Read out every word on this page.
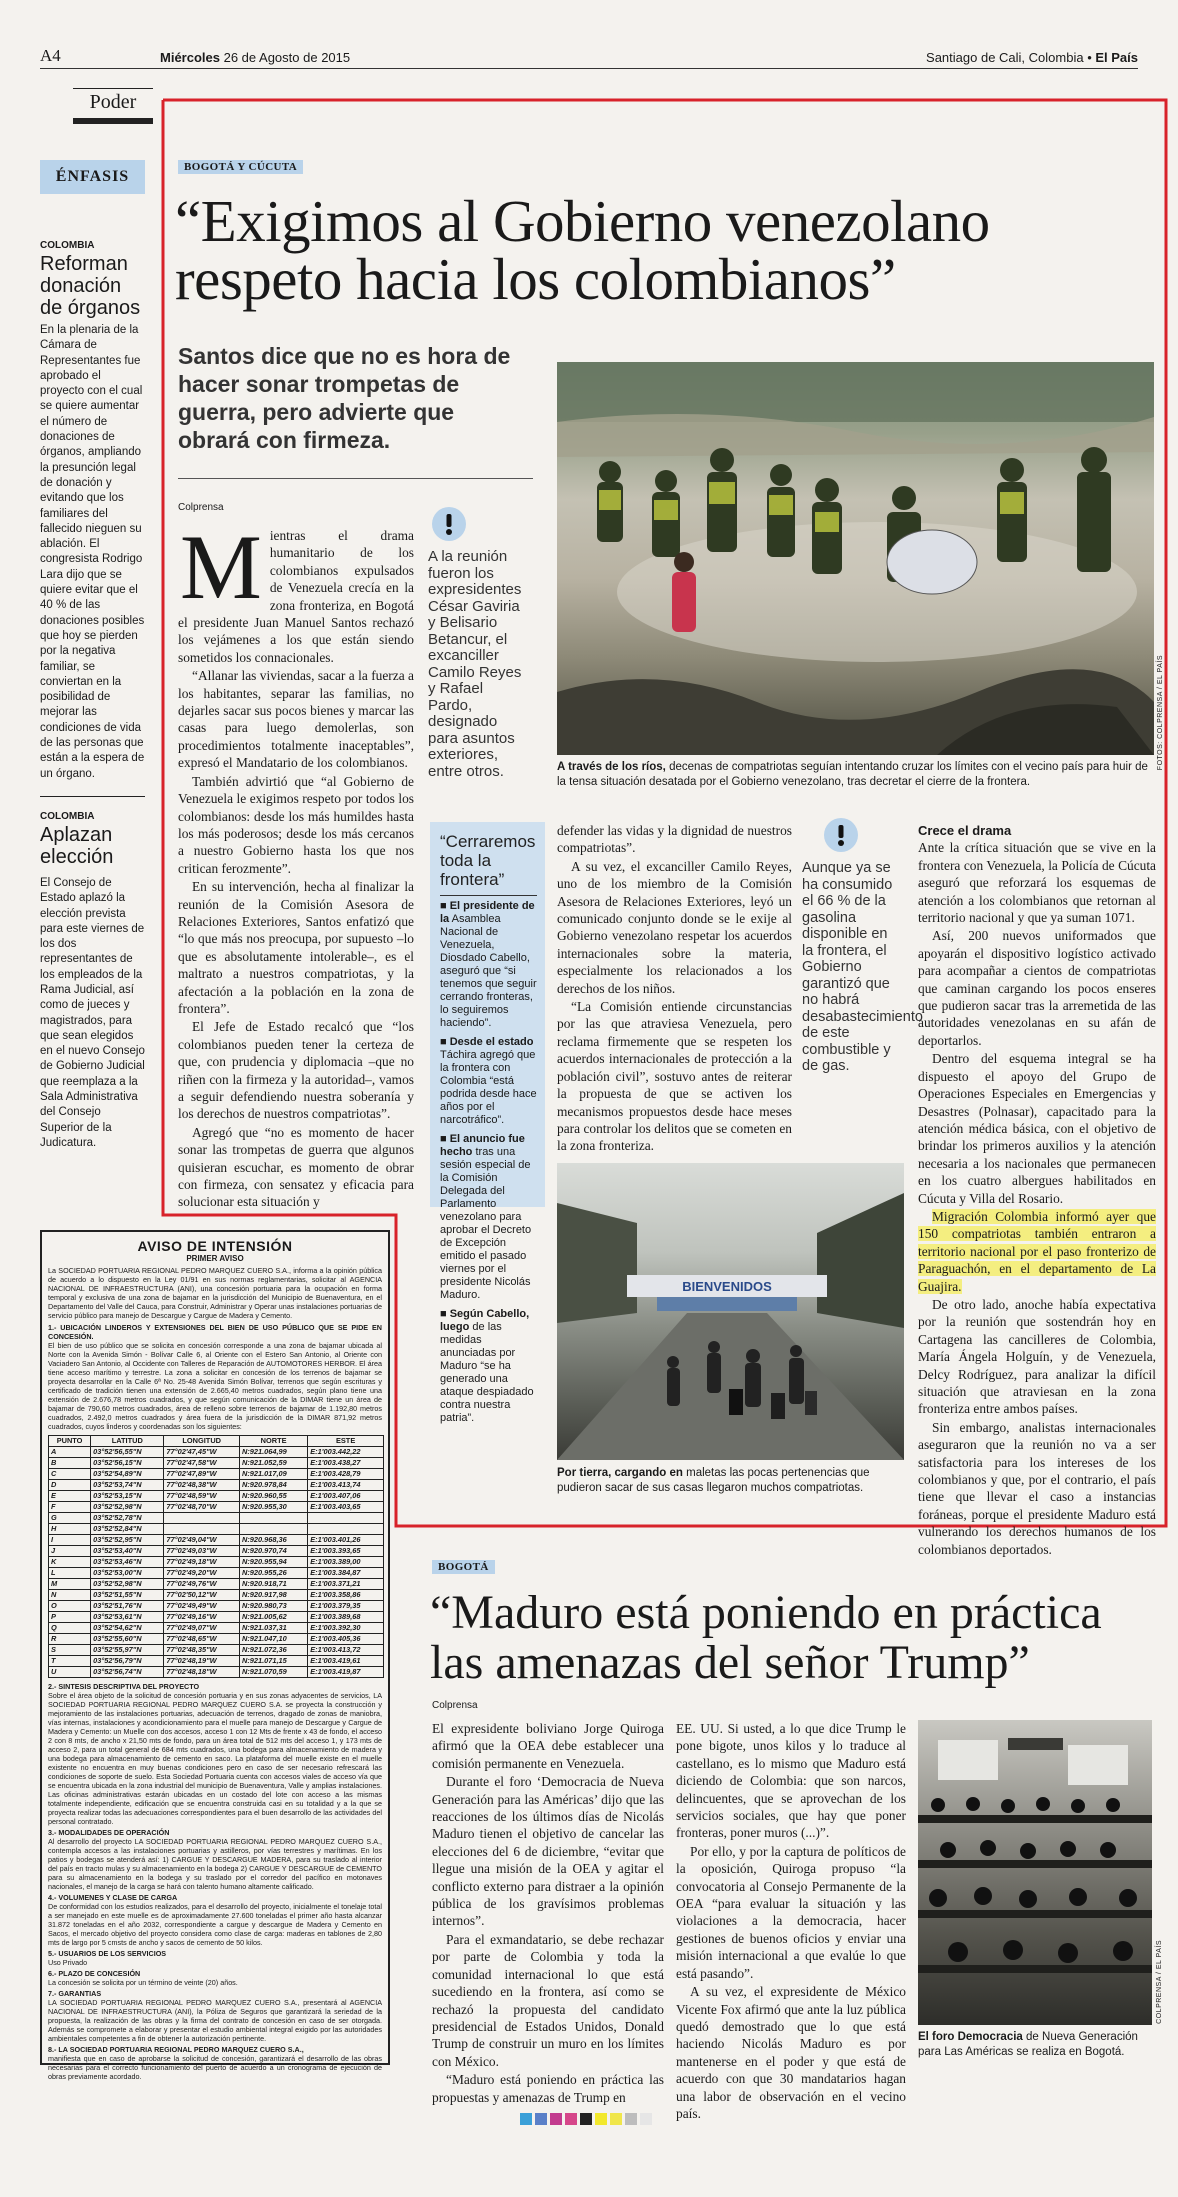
A4	Miércoles 26 de Agosto de 2015	Santiago de Cali, Colombia • El País
Poder
ÉNFASIS
COLOMBIA
Reforman donación de órganos
En la plenaria de la Cámara de Representantes fue aprobado el proyecto con el cual se quiere aumentar el número de donaciones de órganos, ampliando la presunción legal de donación y evitando que los familiares del fallecido nieguen su ablación. El congresista Rodrigo Lara dijo que se quiere evitar que el 40 % de las donaciones posibles que hoy se pierden por la negativa familiar, se conviertan en la posibilidad de mejorar las condiciones de vida de las personas que están a la espera de un órgano.
COLOMBIA
Aplazan elección
El Consejo de Estado aplazó la elección prevista para este viernes de los dos representantes de los empleados de la Rama Judicial, así como de jueces y magistrados, para que sean elegidos en el nuevo Consejo de Gobierno Judicial que reemplaza a la Sala Administrativa del Consejo Superior de la Judicatura.
BOGOTÁ Y CÚCUTA
“Exigimos al Gobierno venezolano
respeto hacia los colombianos”
Santos dice que no es hora de hacer sonar trompetas de guerra, pero advierte que obrará con firmeza.
Colprensa

M ientras el drama humanitario de los colombianos expulsados de Venezuela crecía en la zona fronteriza, en Bogotá el presidente Juan Manuel Santos rechazó los vejámenes a los que están siendo sometidos los connacionales.

“Allanar las viviendas, sacar a la fuerza a los habitantes, separar las familias, no dejarles sacar sus pocos bienes y marcar las casas para luego demolerlas, son procedimientos totalmente inaceptables”, expresó el Mandatario de los colombianos.

También advirtió que “al Gobierno de Venezuela le exigimos respeto por todos los colombianos: desde los más humildes hasta los más poderosos; desde los más cercanos a nuestro Gobierno hasta los que nos critican ferozmente”.

En su intervención, hecha al finalizar la reunión de la Comisión Asesora de Relaciones Exteriores, Santos enfatizó que “lo que más nos preocupa, por supuesto –lo que es absolutamente intolerable–, es el maltrato a nuestros compatriotas, y la afectación a la población en la zona de frontera”.

El Jefe de Estado recalcó que “los colombianos pueden tener la certeza de que, con prudencia y diplomacia –que no riñen con la firmeza y la autoridad–, vamos a seguir defendiendo nuestra soberanía y los derechos de nuestros compatriotas”.

Agregó que “no es momento de hacer sonar las trompetas de guerra que algunos quisieran escuchar, es momento de obrar con firmeza, con sensatez y eficacia para solucionar esta situación y

A la reunión fueron los expresidentes César Gaviria y Belisario Betancur, el excanciller Camilo Reyes y Rafael Pardo, designado para asuntos exteriores, entre otros.
FOTOS: COLPRENSA / EL PAÍS
A través de los ríos, decenas de compatriotas seguían intentando cruzar los límites con el vecino país para huir de la tensa situación desatada por el Gobierno venezolano, tras decretar el cierre de la frontera.
“Cerraremos toda la frontera”
■ El presidente de la Asamblea Nacional de Venezuela, Diosdado Cabello, aseguró que “si tenemos que seguir cerrando fronteras, lo seguiremos haciendo”.
■ Desde el estado Táchira agregó que la frontera con Colombia “está podrida desde hace años por el narcotráfico”.
■ El anuncio fue hecho tras una sesión especial de la Comisión Delegada del Parlamento venezolano para aprobar el Decreto de Excepción emitido el pasado viernes por el presidente Nicolás Maduro.
■ Según Cabello, luego de las medidas anunciadas por Maduro “se ha generado una ataque despiadado contra nuestra patria”.

defender las vidas y la dignidad de nuestros compatriotas”.

A su vez, el excanciller Camilo Reyes, uno de los miembro de la Comisión Asesora de Relaciones Exteriores, leyó un comunicado conjunto donde se le exije al Gobierno venezolano respetar los acuerdos internacionales sobre la materia, especialmente los relacionados a los derechos de los niños.

“La Comisión entiende circunstancias por las que atraviesa Venezuela, pero reclama firmemente que se respeten los acuerdos internacionales de protección a la población civil”, sostuvo antes de reiterar la propuesta de que se activen los mecanismos propuestos desde hace meses para controlar los delitos que se cometen en la zona fronteriza.

Aunque ya se ha consumido el 66 % de la gasolina disponible en la frontera, el Gobierno garantizó que no habrá desabastecimiento de este combustible y de gas.
Crece el drama

Ante la crítica situación que se vive en la frontera con Venezuela, la Policía de Cúcuta aseguró que reforzará los esquemas de atención a los colombianos que retornan al territorio nacional y que ya suman 1071.

Así, 200 nuevos uniformados que apoyarán el dispositivo logístico activado para acompañar a cientos de compatriotas que caminan cargando los pocos enseres que pudieron sacar tras la arremetida de las autoridades venezolanas en su afán de deportarlos.

Dentro del esquema integral se ha dispuesto el apoyo del Grupo de Operaciones Especiales en Emergencias y Desastres (Polnasar), capacitado para la atención médica básica, con el objetivo de brindar los primeros auxilios y la atención necesaria a los nacionales que permanecen en los cuatro albergues habilitados en Cúcuta y Villa del Rosario.

Migración Colombia informó ayer que 150 compatriotas también entraron a territorio nacional por el paso fronterizo de Paraguachón, en el departamento de La Guajira.

De otro lado, anoche había expectativa por la reunión que sostendrán hoy en Cartagena las cancilleres de Colombia, María Ángela Holguín, y de Venezuela, Delcy Rodríguez, para analizar la difícil situación que atraviesan en la zona fronteriza entre ambos países.

Sin embargo, analistas internacionales aseguraron que la reunión no va a ser satisfactoria para los intereses de los colombianos y que, por el contrario, el país tiene que llevar el caso a instancias foráneas, porque el presidente Maduro está vulnerando los derechos humanos de los colombianos deportados.

BIENVENIDOS
Por tierra, cargando en maletas las pocas pertenencias que pudieron sacar de sus casas llegaron muchos compatriotas.
AVISO DE INTENSIÓN
PRIMER AVISO
La SOCIEDAD PORTUARIA REGIONAL PEDRO MARQUEZ CUERO S.A., informa a la opinión pública de acuerdo a lo dispuesto en la Ley 01/91 en sus normas reglamentarias, solicitar al AGENCIA NACIONAL DE INFRAESTRUCTURA (ANI), una concesión portuaria para la ocupación en forma temporal y exclusiva de una zona de bajamar en la jurisdicción del Municipio de Buenaventura, en el Departamento del Valle del Cauca, para Construir, Administrar y Operar unas instalaciones portuarias de servicio público para manejo de Descargue y Cargue de Madera y Cemento.
1.- UBICACIÓN LINDEROS Y EXTENSIONES DEL BIEN DE USO PÚBLICO QUE SE PIDE EN CONCESIÓN.
El bien de uso público que se solicita en concesión corresponde a una zona de bajamar ubicada al Norte con la Avenida Simón - Bolívar Calle 6, al Oriente con el Estero San Antonio, al Oriente con Vaciadero San Antonio, al Occidente con Talleres de Reparación de AUTOMOTORES HERBOR. El área tiene acceso marítimo y terrestre. La zona a solicitar en concesión de los terrenos de bajamar se proyecta desarrollar en la Calle 6ª No. 25-48 Avenida Simón Bolívar, terrenos que según escrituras y certificado de tradición tienen una extensión de 2.665,40 metros cuadrados, según plano tiene una extensión de 2.676,78 metros cuadrados, y que según comunicación de la DIMAR tiene un área de bajamar de 790,60 metros cuadrados, área de relleno sobre terrenos de bajamar de 1.192,80 metros cuadrados, 2.492,0 metros cuadrados y área fuera de la jurisdicción de la DIMAR 871,92 metros cuadrados, cuyos linderos y coordenadas son los siguientes:
PUNTO	LATITUD	LONGITUD	NORTE	ESTE
A	03°52'56,55"N	77°02'47,45"W	N:921.064,99	E:1'003.442,22
B	03°52'56,15"N	77°02'47,58"W	N:921.052,59	E:1'003.438,27
C	03°52'54,89"N	77°02'47,89"W	N:921.017,09	E:1'003.428,79
D	03°52'53,74"N	77°02'48,38"W	N:920.978,84	E:1'003.413,74
E	03°52'53,15"N	77°02'48,59"W	N:920.960,55	E:1'003.407,06
F	03°52'52,98"N	77°02'48,70"W	N:920.955,30	E:1'003.403,65
G	03°52'52,78"N			
H	03°52'52,84"N			
I	03°52'52,95"N	77°02'49,04"W	N:920.968,36	E:1'003.401,26
J	03°52'53,40"N	77°02'49,03"W	N:920.970,74	E:1'003.393,65
K	03°52'53,46"N	77°02'49,18"W	N:920.955,94	E:1'003.389,00
L	03°52'53,00"N	77°02'49,20"W	N:920.955,26	E:1'003.384,87
M	03°52'52,98"N	77°02'49,76"W	N:920.918,71	E:1'003.371,21
N	03°52'51,55"N	77°02'50,12"W	N:920.917,98	E:1'003.358,86
O	03°52'51,76"N	77°02'49,49"W	N:920.980,73	E:1'003.379,35
P	03°52'53,61"N	77°02'49,16"W	N:921.005,62	E:1'003.389,68
Q	03°52'54,62"N	77°02'49,07"W	N:921.037,31	E:1'003.392,30
R	03°52'55,60"N	77°02'48,65"W	N:921.047,10	E:1'003.405,36
S	03°52'55,97"N	77°02'48,35"W	N:921.072,36	E:1'003.413,72
T	03°52'56,79"N	77°02'48,19"W	N:921.071,15	E:1'003.419,61
U	03°52'56,74"N	77°02'48,18"W	N:921.070,59	E:1'003.419,87
2.- SINTESIS DESCRIPTIVA DEL PROYECTO
Sobre el área objeto de la solicitud de concesión portuaria y en sus zonas adyacentes de servicios, LA SOCIEDAD PORTUARIA REGIONAL PEDRO MARQUEZ CUERO S.A. se proyecta la construcción y mejoramiento de las instalaciones portuarias, adecuación de terrenos, dragado de zonas de maniobra, vías internas, instalaciones y acondicionamiento para el muelle para manejo de Descargue y Cargue de Madera y Cemento: un Muelle con dos accesos, acceso 1 con 12 Mts de frente x 43 de fondo, el acceso 2 con 8 mts, de ancho x 21,50 mts de fondo, para un área total de 512 mts del acceso 1, y 173 mts de acceso 2, para un total general de 684 mts cuadrados, una bodega para almacenamiento de madera y una bodega para almacenamiento de cemento en saco. La plataforma del muelle existe en el muelle existente no encuentra en muy buenas condiciones pero en caso de ser necesario refrescará las condiciones de soporte de suelo. Esta Sociedad Portuaria cuenta con accesos viales de acceso vía que se encuentra ubicada en la zona industrial del municipio de Buenaventura, Valle y amplias instalaciones. Las oficinas administrativas estarán ubicadas en un costado del lote con acceso a las mismas totalmente independiente, edificación que se encuentra construida casi en su totalidad y a la que se proyecta realizar todas las adecuaciones correspondientes para el buen desarrollo de las actividades del personal contratado.
3.- MODALIDADES DE OPERACIÓN
Al desarrollo del proyecto LA SOCIEDAD PORTUARIA REGIONAL PEDRO MARQUEZ CUERO S.A., contempla accesos a las instalaciones portuarias y astilleros, por vías terrestres y marítimas. En los patios y bodegas se atenderá así: 1) CARGUE Y DESCARGUE MADERA, para su traslado al interior del país en tracto mulas y su almacenamiento en la bodega 2) CARGUE Y DESCARGUE de CEMENTO para su almacenamiento en la bodega y su traslado por el corredor del pacífico en motonaves nacionales, el manejo de la carga se hará con talento humano altamente calificado.
4.- VOLUMENES Y CLASE DE CARGA
De conformidad con los estudios realizados, para el desarrollo del proyecto, inicialmente el tonelaje total a ser manejado en este muelle es de aproximadamente 27.600 toneladas el primer año hasta alcanzar 31.872 toneladas en el año 2032, correspondiente a cargue y descargue de Madera y Cemento en Sacos, el mercado objetivo del proyecto considera como clase de carga: maderas en tablones de 2,80 mts de largo por 5 cmsts de ancho y sacos de cemento de 50 kilos.
5.- USUARIOS DE LOS SERVICIOS
Uso Privado
6.- PLAZO DE CONCESIÓN
La concesión se solicita por un término de veinte (20) años.
7.- GARANTIAS
LA SOCIEDAD PORTUARIA REGIONAL PEDRO MARQUEZ CUERO S.A., presentará al AGENCIA NACIONAL DE INFRAESTRUCTURA (ANI), la Póliza de Seguros que garantizará la seriedad de la propuesta, la realización de las obras y la firma del contrato de concesión en caso de ser otorgada. Además se compromete a elaborar y presentar el estudio ambiental integral exigido por las autoridades ambientales competentes a fin de obtener la autorización pertinente.
8.- LA SOCIEDAD PORTUARIA REGIONAL PEDRO MARQUEZ CUERO S.A.,
manifiesta que en caso de aprobarse la solicitud de concesión, garantizará el desarrollo de las obras necesarias para el correcto funcionamiento del puerto de acuerdo a un cronograma de ejecución de obras previamente acordado.
BOGOTÁ
“Maduro está poniendo en práctica
las amenazas del señor Trump”
Colprensa

El expresidente boliviano Jorge Quiroga afirmó que la OEA debe establecer una comisión permanente en Venezuela.

Durante el foro ‘Democracia de Nueva Generación para las Américas’ dijo que las reacciones de los últimos días de Nicolás Maduro tienen el objetivo de cancelar las elecciones del 6 de diciembre, “evitar que llegue una misión de la OEA y agitar el conflicto externo para distraer a la opinión pública de los gravísimos problemas internos”.

Para el exmandatario, se debe rechazar por parte de Colombia y toda la comunidad internacional lo que está sucediendo en la frontera, así como se rechazó la propuesta del candidato presidencial de Estados Unidos, Donald Trump de construir un muro en los límites con México.

“Maduro está poniendo en práctica las propuestas y amenazas de Trump en

EE. UU. Si usted, a lo que dice Trump le pone bigote, unos kilos y lo traduce al castellano, es lo mismo que Maduro está diciendo de Colombia: que son narcos, delincuentes, que se aprovechan de los servicios sociales, que hay que poner fronteras, poner muros (...)”.

Por ello, y por la captura de políticos de la oposición, Quiroga propuso “la convocatoria al Consejo Permanente de la OEA “para evaluar la situación y las violaciones a la democracia, hacer gestiones de buenos oficios y enviar una misión internacional a que evalúe lo que está pasando”.

A su vez, el expresidente de México Vicente Fox afirmó que ante la luz pública quedó demostrado que lo que está haciendo Nicolás Maduro es por mantenerse en el poder y que está de acuerdo con que 30 mandatarios hagan una labor de observación en el vecino país.

COLPRENSA / EL PAÍS
El foro Democracia de Nueva Generación para Las Américas se realiza en Bogotá.
